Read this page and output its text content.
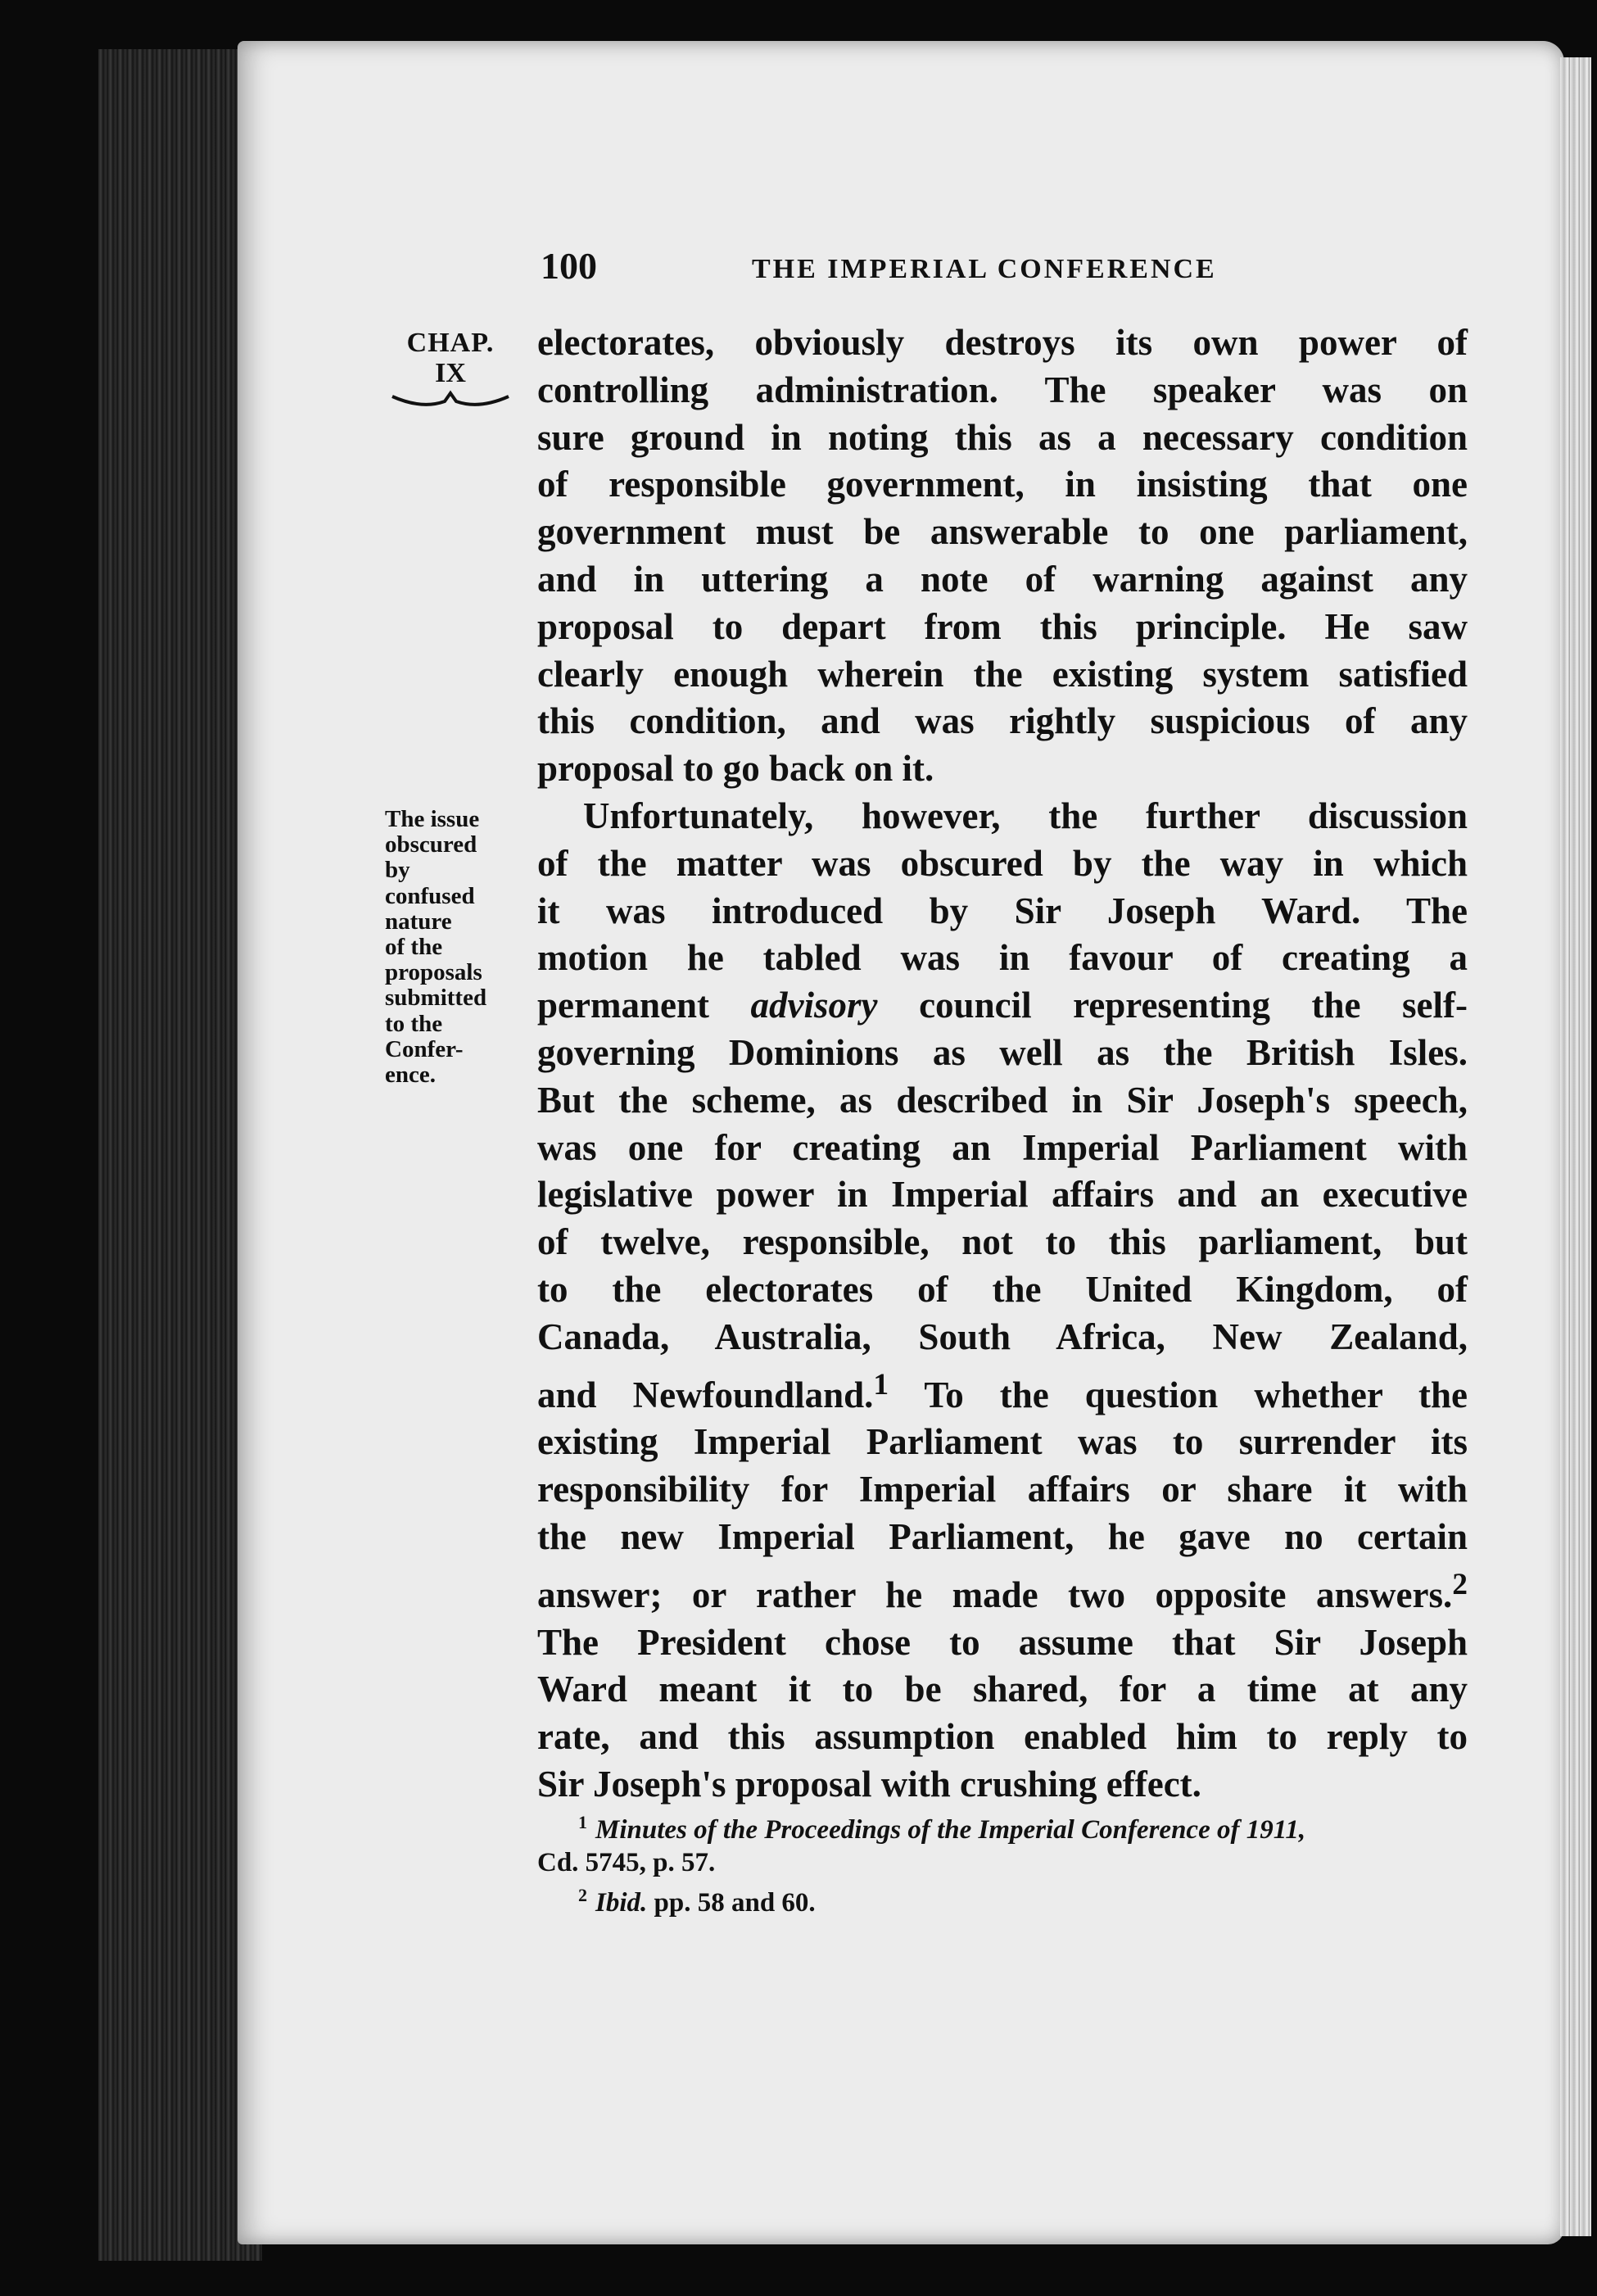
100	THE IMPERIAL CONFERENCE
CHAP.
IX
The issue
obscured
by
confused
nature
of the
proposals
submitted
to the
Confer-
ence.
electorates, obviously destroys its own power of
controlling administration. The speaker was on
sure ground in noting this as a necessary condition
of responsible government, in insisting that one
government must be answerable to one parliament,
and in uttering a note of warning against any
proposal to depart from this principle. He saw
clearly enough wherein the existing system satisfied
this condition, and was rightly suspicious of any
proposal to go back on it.
Unfortunately, however, the further discussion
of the matter was obscured by the way in which
it was introduced by Sir Joseph Ward. The
motion he tabled was in favour of creating a
permanent advisory council representing the self-
governing Dominions as well as the British Isles.
But the scheme, as described in Sir Joseph's speech,
was one for creating an Imperial Parliament with
legislative power in Imperial affairs and an executive
of twelve, responsible, not to this parliament, but
to the electorates of the United Kingdom, of
Canada, Australia, South Africa, New Zealand,
and Newfoundland.$^1$ To the question whether the
existing Imperial Parliament was to surrender its
responsibility for Imperial affairs or share it with
the new Imperial Parliament, he gave no certain
answer; or rather he made two opposite answers.$^2$
The President chose to assume that Sir Joseph
Ward meant it to be shared, for a time at any
rate, and this assumption enabled him to reply to
Sir Joseph's proposal with crushing effect.
$^1$ Minutes of the Proceedings of the Imperial Conference of 1911,
Cd. 5745, p. 57.
$^2$ Ibid. pp. 58 and 60.
